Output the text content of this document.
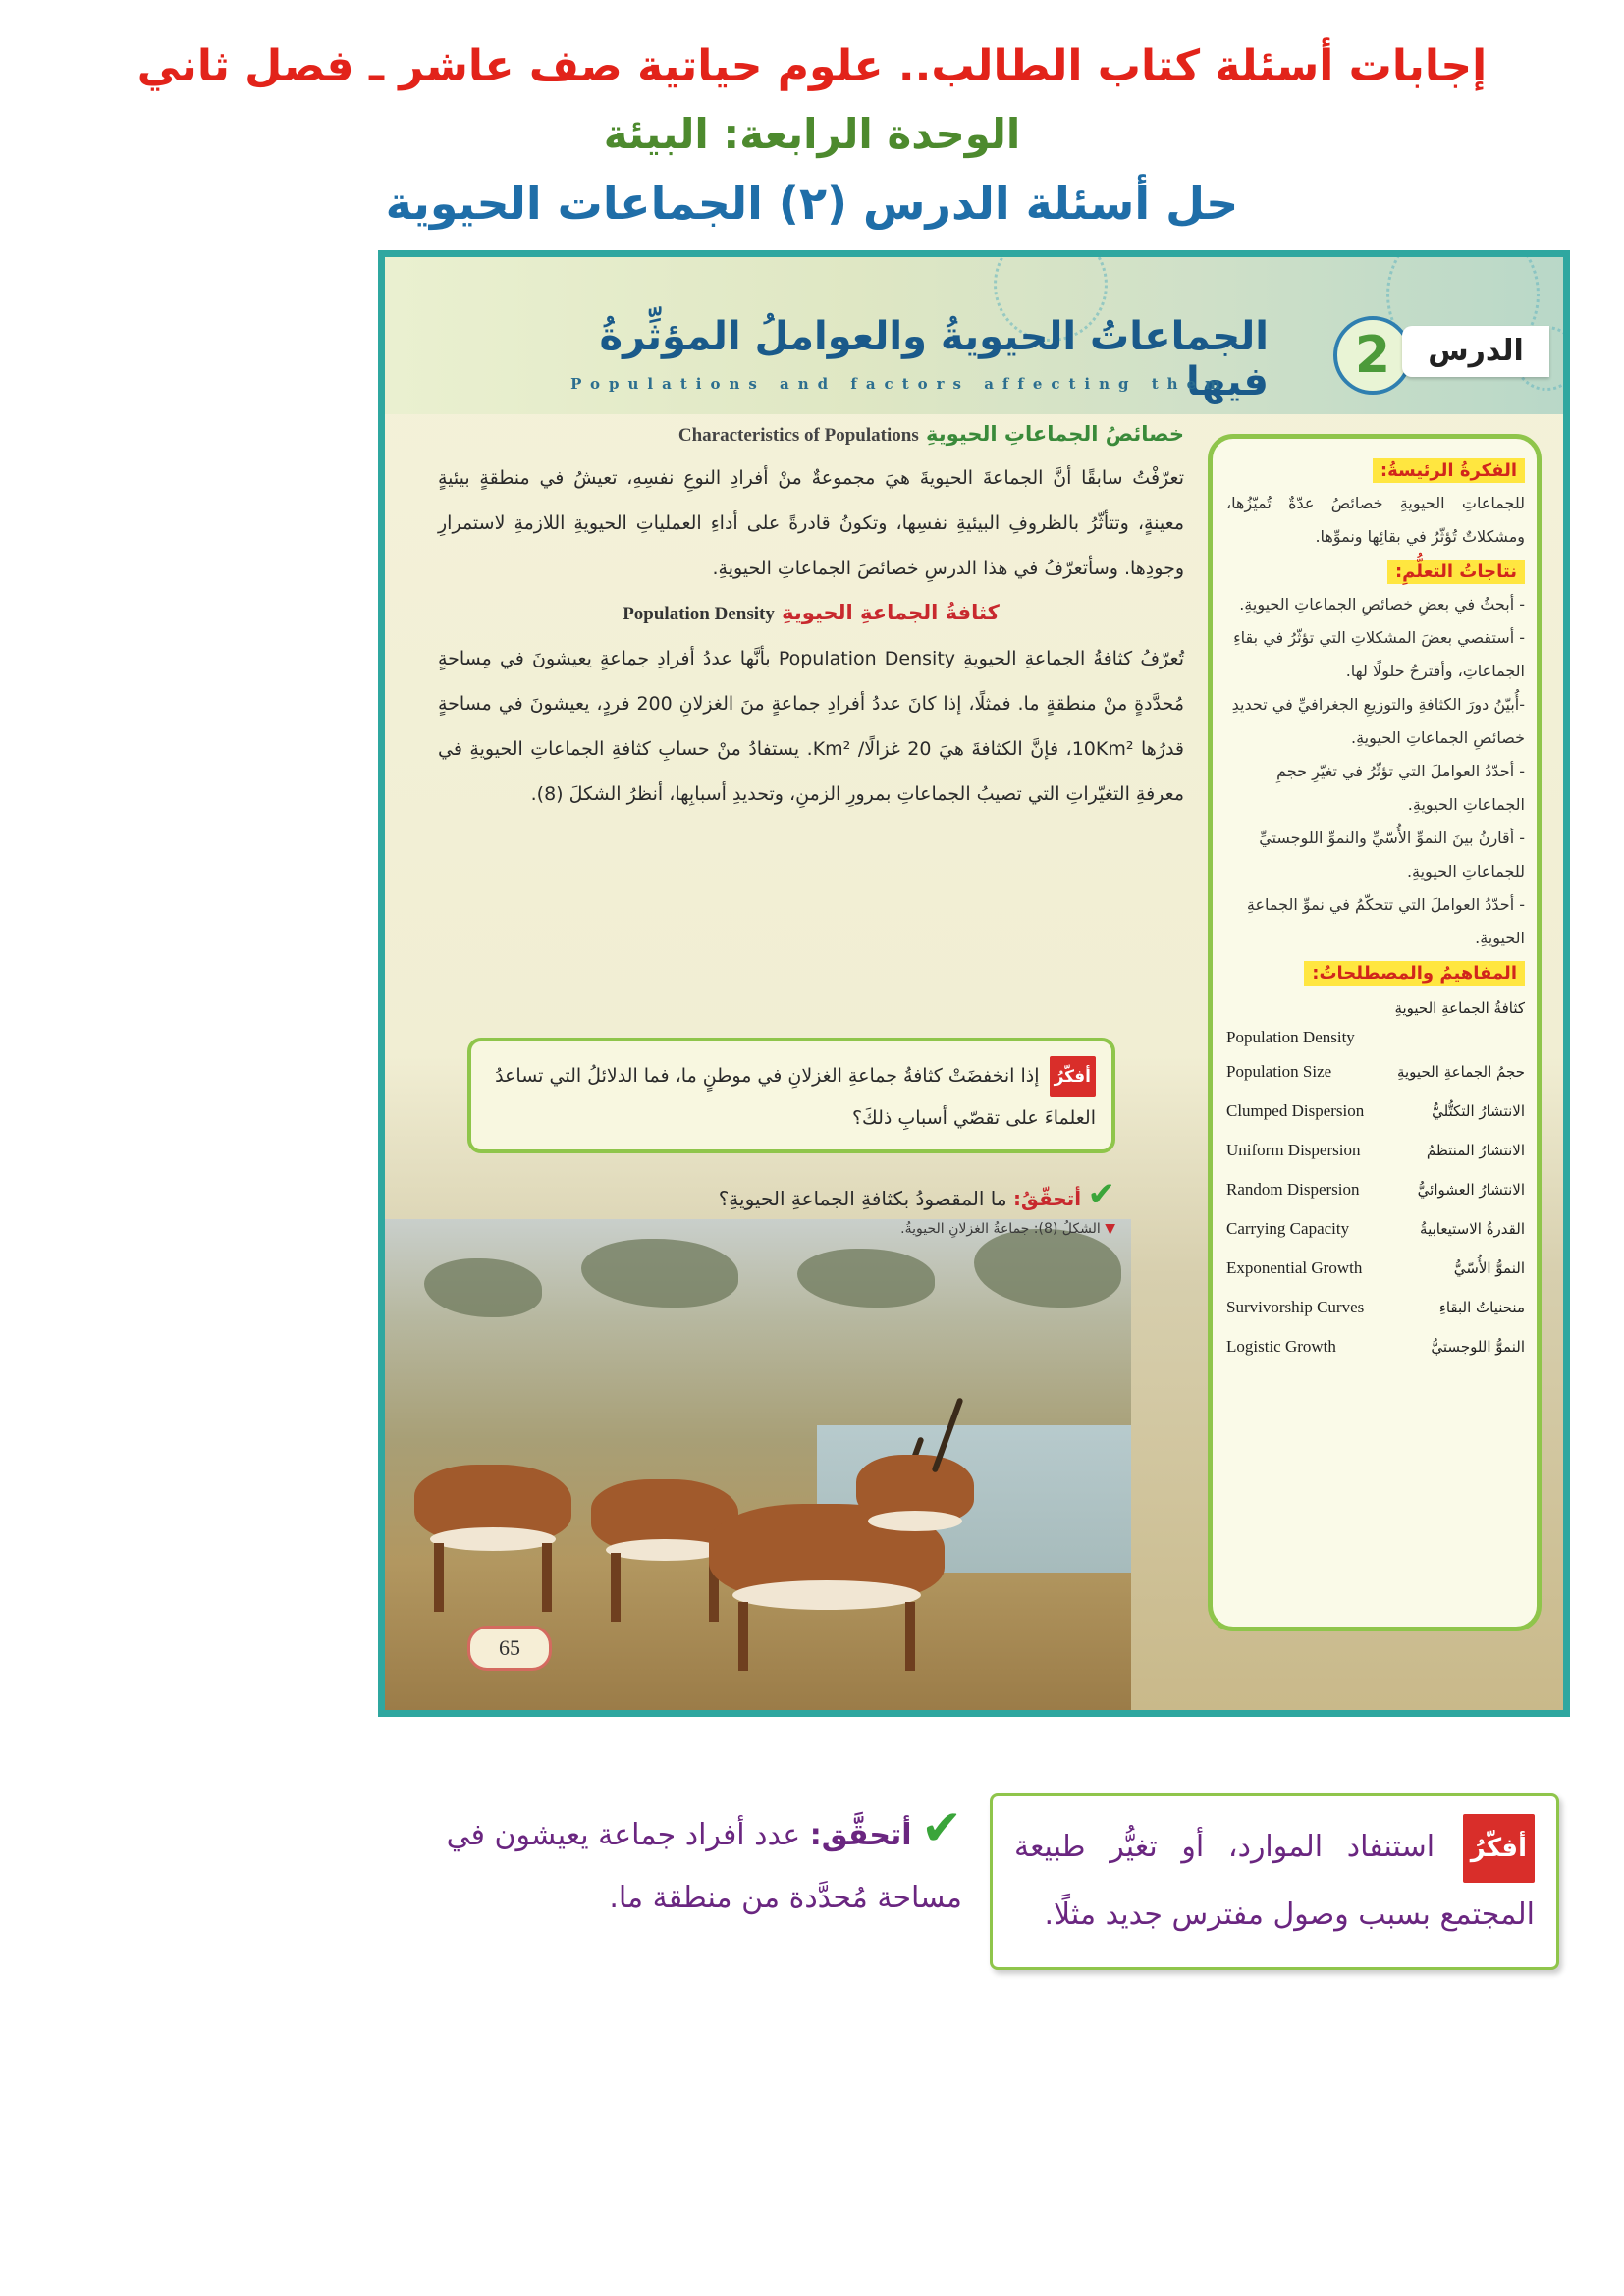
إجابات أسئلة كتاب الطالب.. علوم حياتية صف عاشر ـ فصل ثاني
الوحدة الرابعة: البيئة
حل أسئلة الدرس (٢) الجماعات الحيوية
2	الدرس
الجماعاتُ الحيويةُ والعواملُ المؤثِّرةُ فيها
Populations and factors affecting them
الفكرةُ الرئيسةُ:

للجماعاتِ الحيويةِ خصائصُ عدّةٌ تُميّزُها، ومشكلاتٌ تُؤثّرُ في بقائِها ونموِّها.

نتاجاتُ التعلُّمِ:

- أبحثُ في بعضِ خصائصِ الجماعاتِ الحيويةِ.

- أستقصي بعضَ المشكلاتِ التي تؤثّرُ في بقاءِ الجماعاتِ، وأقترحُ حلولًا لها.

-أُبيّنُ دورَ الكثافةِ والتوزيعِ الجغرافيِّ في تحديدِ خصائصِ الجماعاتِ الحيويةِ.

- أحدّدُ العواملَ التي تؤثّرُ في تغيّرِ حجمِ الجماعاتِ الحيويةِ.

- أقارنُ بينَ النموِّ الأُسّيِّ والنموِّ اللوجستيِّ للجماعاتِ الحيويةِ.

- أحدّدُ العواملَ التي تتحكّمُ في نموِّ الجماعةِ الحيويةِ.

المفاهيمُ والمصطلحاتُ:
كثافةُ الجماعةِ الحيويةِ
Population Density
حجمُ الجماعةِ الحيويةِ
Population Size
الانتشارُ التكتُّليُّ
Clumped Dispersion
الانتشارُ المنتظمُ
Uniform Dispersion
الانتشارُ العشوائيُّ
Random Dispersion
القدرةُ الاستيعابيةُ
Carrying Capacity
النموُّ الأُسّيُّ
Exponential Growth
منحنياتُ البقاءِ
Survivorship Curves
النموُّ اللوجستيُّ
Logistic Growth
65
خصائصُ الجماعاتِ الحيويةِ Characteristics of Populations

تعرّفْتُ سابقًا أنَّ الجماعةَ الحيويةَ هيَ مجموعةٌ منْ أفرادِ النوعِ نفسِهِ، تعيشُ في منطقةٍ بيئيةٍ معينةٍ، وتتأثّرُ بالظروفِ البيئيةِ نفسِها، وتكونُ قادرةً على أداءِ العملياتِ الحيويةِ اللازمةِ لاستمرارِ وجودِها. وسأتعرّفُ في هذا الدرسِ خصائصَ الجماعاتِ الحيويةِ.

كثافةُ الجماعةِ الحيويةِ Population Density

تُعرّفُ كثافةُ الجماعةِ الحيويةِ Population Density بأنَّها عددُ أفرادِ جماعةٍ يعيشونَ في مِساحةٍ مُحدَّدةٍ منْ منطقةٍ ما. فمثلًا، إذا كانَ عددُ أفرادِ جماعةٍ منَ الغزلانِ 200 فردٍ، يعيشونَ في مساحةٍ قدرُها 10Km²، فإنَّ الكثافةَ هيَ 20 غزالًا/ Km². يستفادُ منْ حسابِ كثافةِ الجماعاتِ الحيويةِ في معرفةِ التغيّراتِ التي تصيبُ الجماعاتِ بمرورِ الزمنِ، وتحديدِ أسبابِها، أنظرُ الشكلَ (8).

أفكّرُ إذا انخفضَتْ كثافةُ جماعةِ الغزلانِ في موطنٍ ما، فما الدلائلُ التي تساعدُ العلماءَ على تقصّي أسبابِ ذلكَ؟
✔ أتحقّقُ: ما المقصودُ بكثافةِ الجماعةِ الحيويةِ؟
▼ الشكلُ (8): جماعةُ الغزلانِ الحيويةُ.
أفكّرُ استنفاد الموارد، أو تغيُّر طبيعة المجتمع بسبب وصول مفترس جديد مثلًا.
✔ أتحقَّق: عدد أفراد جماعة يعيشون في مساحة مُحدَّدة من منطقة ما.
